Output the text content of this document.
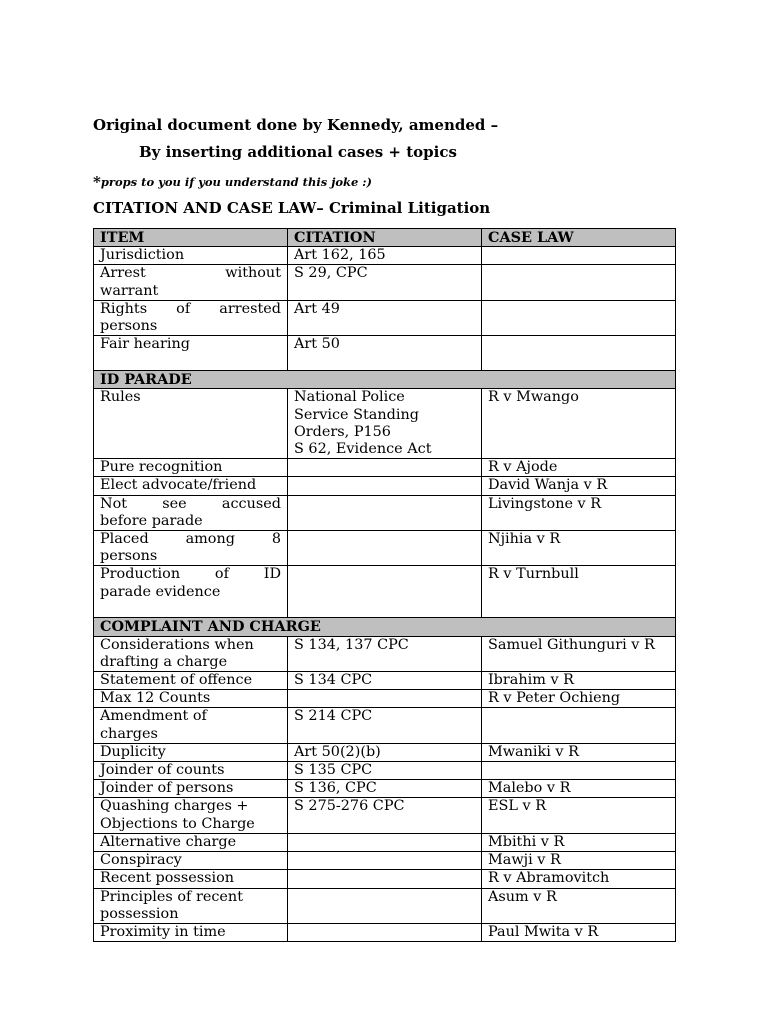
Original document done by Kennedy, amended –
By inserting additional cases + topics
*props to you if you understand this joke :)
CITATION AND CASE LAW– Criminal Litigation
ITEM	CITATION	CASE LAW
Jurisdiction	Art 162, 165	

Arrest without
warrant	S 29, CPC	

Rights of arrested
persons	Art 49	
Fair hearing	Art 50	
ID PARADE		
Rules	National Police
Service Standing
Orders, P156
S 62, Evidence Act	R v Mwango
Pure recognition		R v Ajode
Elect advocate/friend		David Wanja v R

Not see accused
before parade		Livingstone v R

Placed among 8
persons		Njihia v R

Production of ID
parade evidence		R v Turnbull
COMPLAINT AND CHARGE		

Considerations when
drafting a charge	S 134, 137 CPC	Samuel Githunguri v R
Statement of offence	S 134 CPC	Ibrahim v R
Max 12 Counts		R v Peter Ochieng

Amendment of
charges	S 214 CPC	
Duplicity	Art 50(2)(b)	Mwaniki v R
Joinder of counts	S 135 CPC	
Joinder of persons	S 136, CPC	Malebo v R

Quashing charges +
Objections to Charge	S 275-276 CPC	ESL v R
Alternative charge		Mbithi v R
Conspiracy		Mawji v R
Recent possession		R v Abramovitch

Principles of recent
possession		Asum v R
Proximity in time		Paul Mwita v R
